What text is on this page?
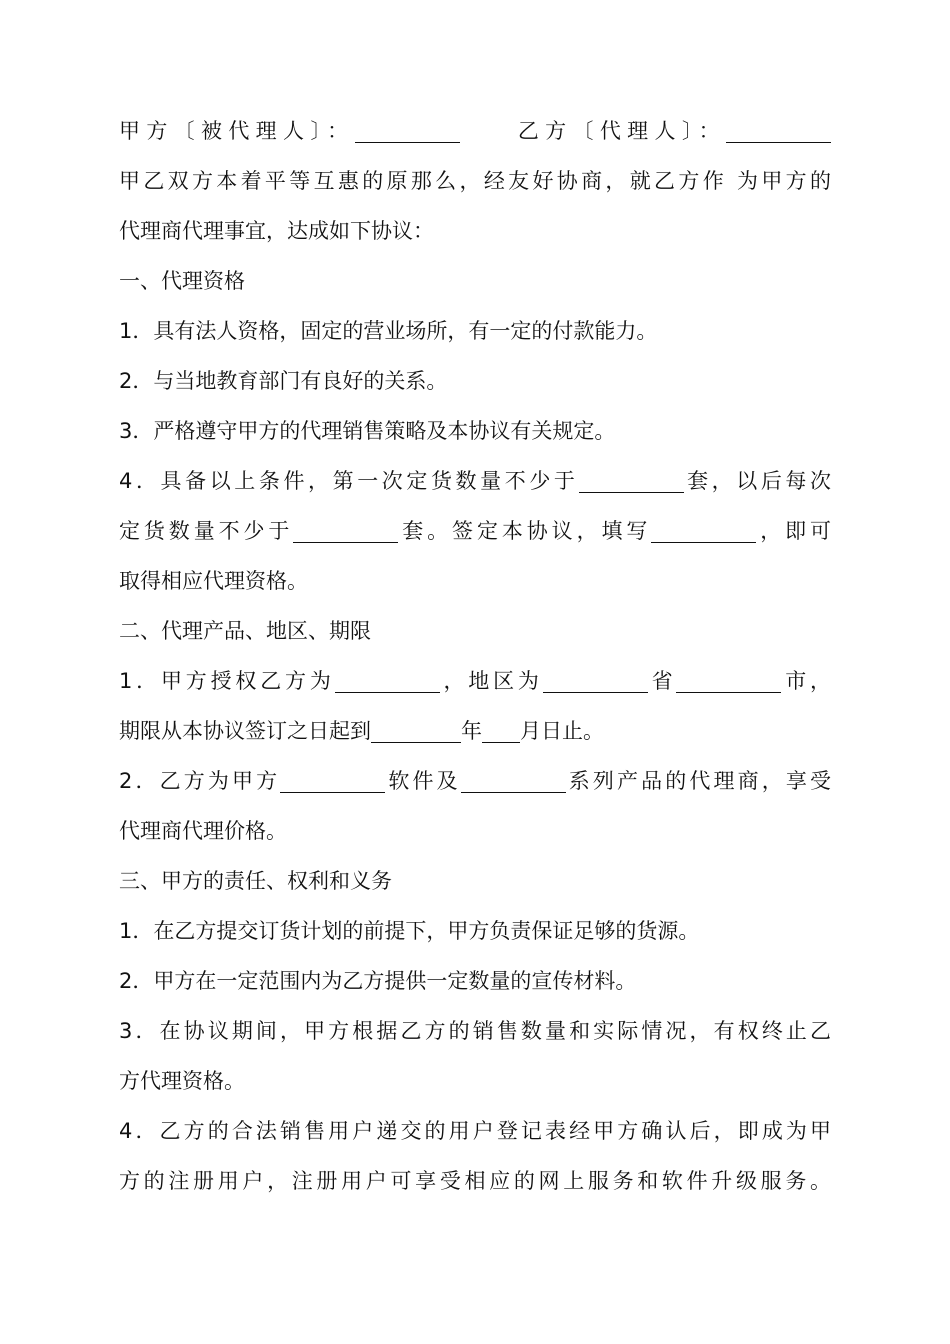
甲方〔被代理人〕：	乙方〔代理人〕：
甲乙双方本着平等互惠的原那么，经友好协商，就乙方作 为甲方的
代理商代理事宜，达成如下协议：
一、代理资格
1．具有法人资格，固定的营业场所，有一定的付款能力。
2．与当地教育部门有良好的关系。
3．严格遵守甲方的代理销售策略及本协议有关规定。
4．具备以上条件，第一次定货数量不少于	套，以后每次
定货数量不少于	套。签定本协议，填写	，即可
取得相应代理资格。
二、代理产品、地区、期限
1．甲方授权乙方为	，地区为	省	市，
期限从本协议签订之日起到	年 月日止。
2．乙方为甲方	软件及	系列产品的代理商，享受
代理商代理价格。
三、甲方的责任、权利和义务
1．在乙方提交订货计划的前提下，甲方负责保证足够的货源。
2．甲方在一定范围内为乙方提供一定数量的宣传材料。
3．在协议期间，甲方根据乙方的销售数量和实际情况，有权终止乙
方代理资格。
4．乙方的合法销售用户递交的用户登记表经甲方确认后，即成为甲
方的注册用户，注册用户可享受相应的网上服务和软件升级服务。
